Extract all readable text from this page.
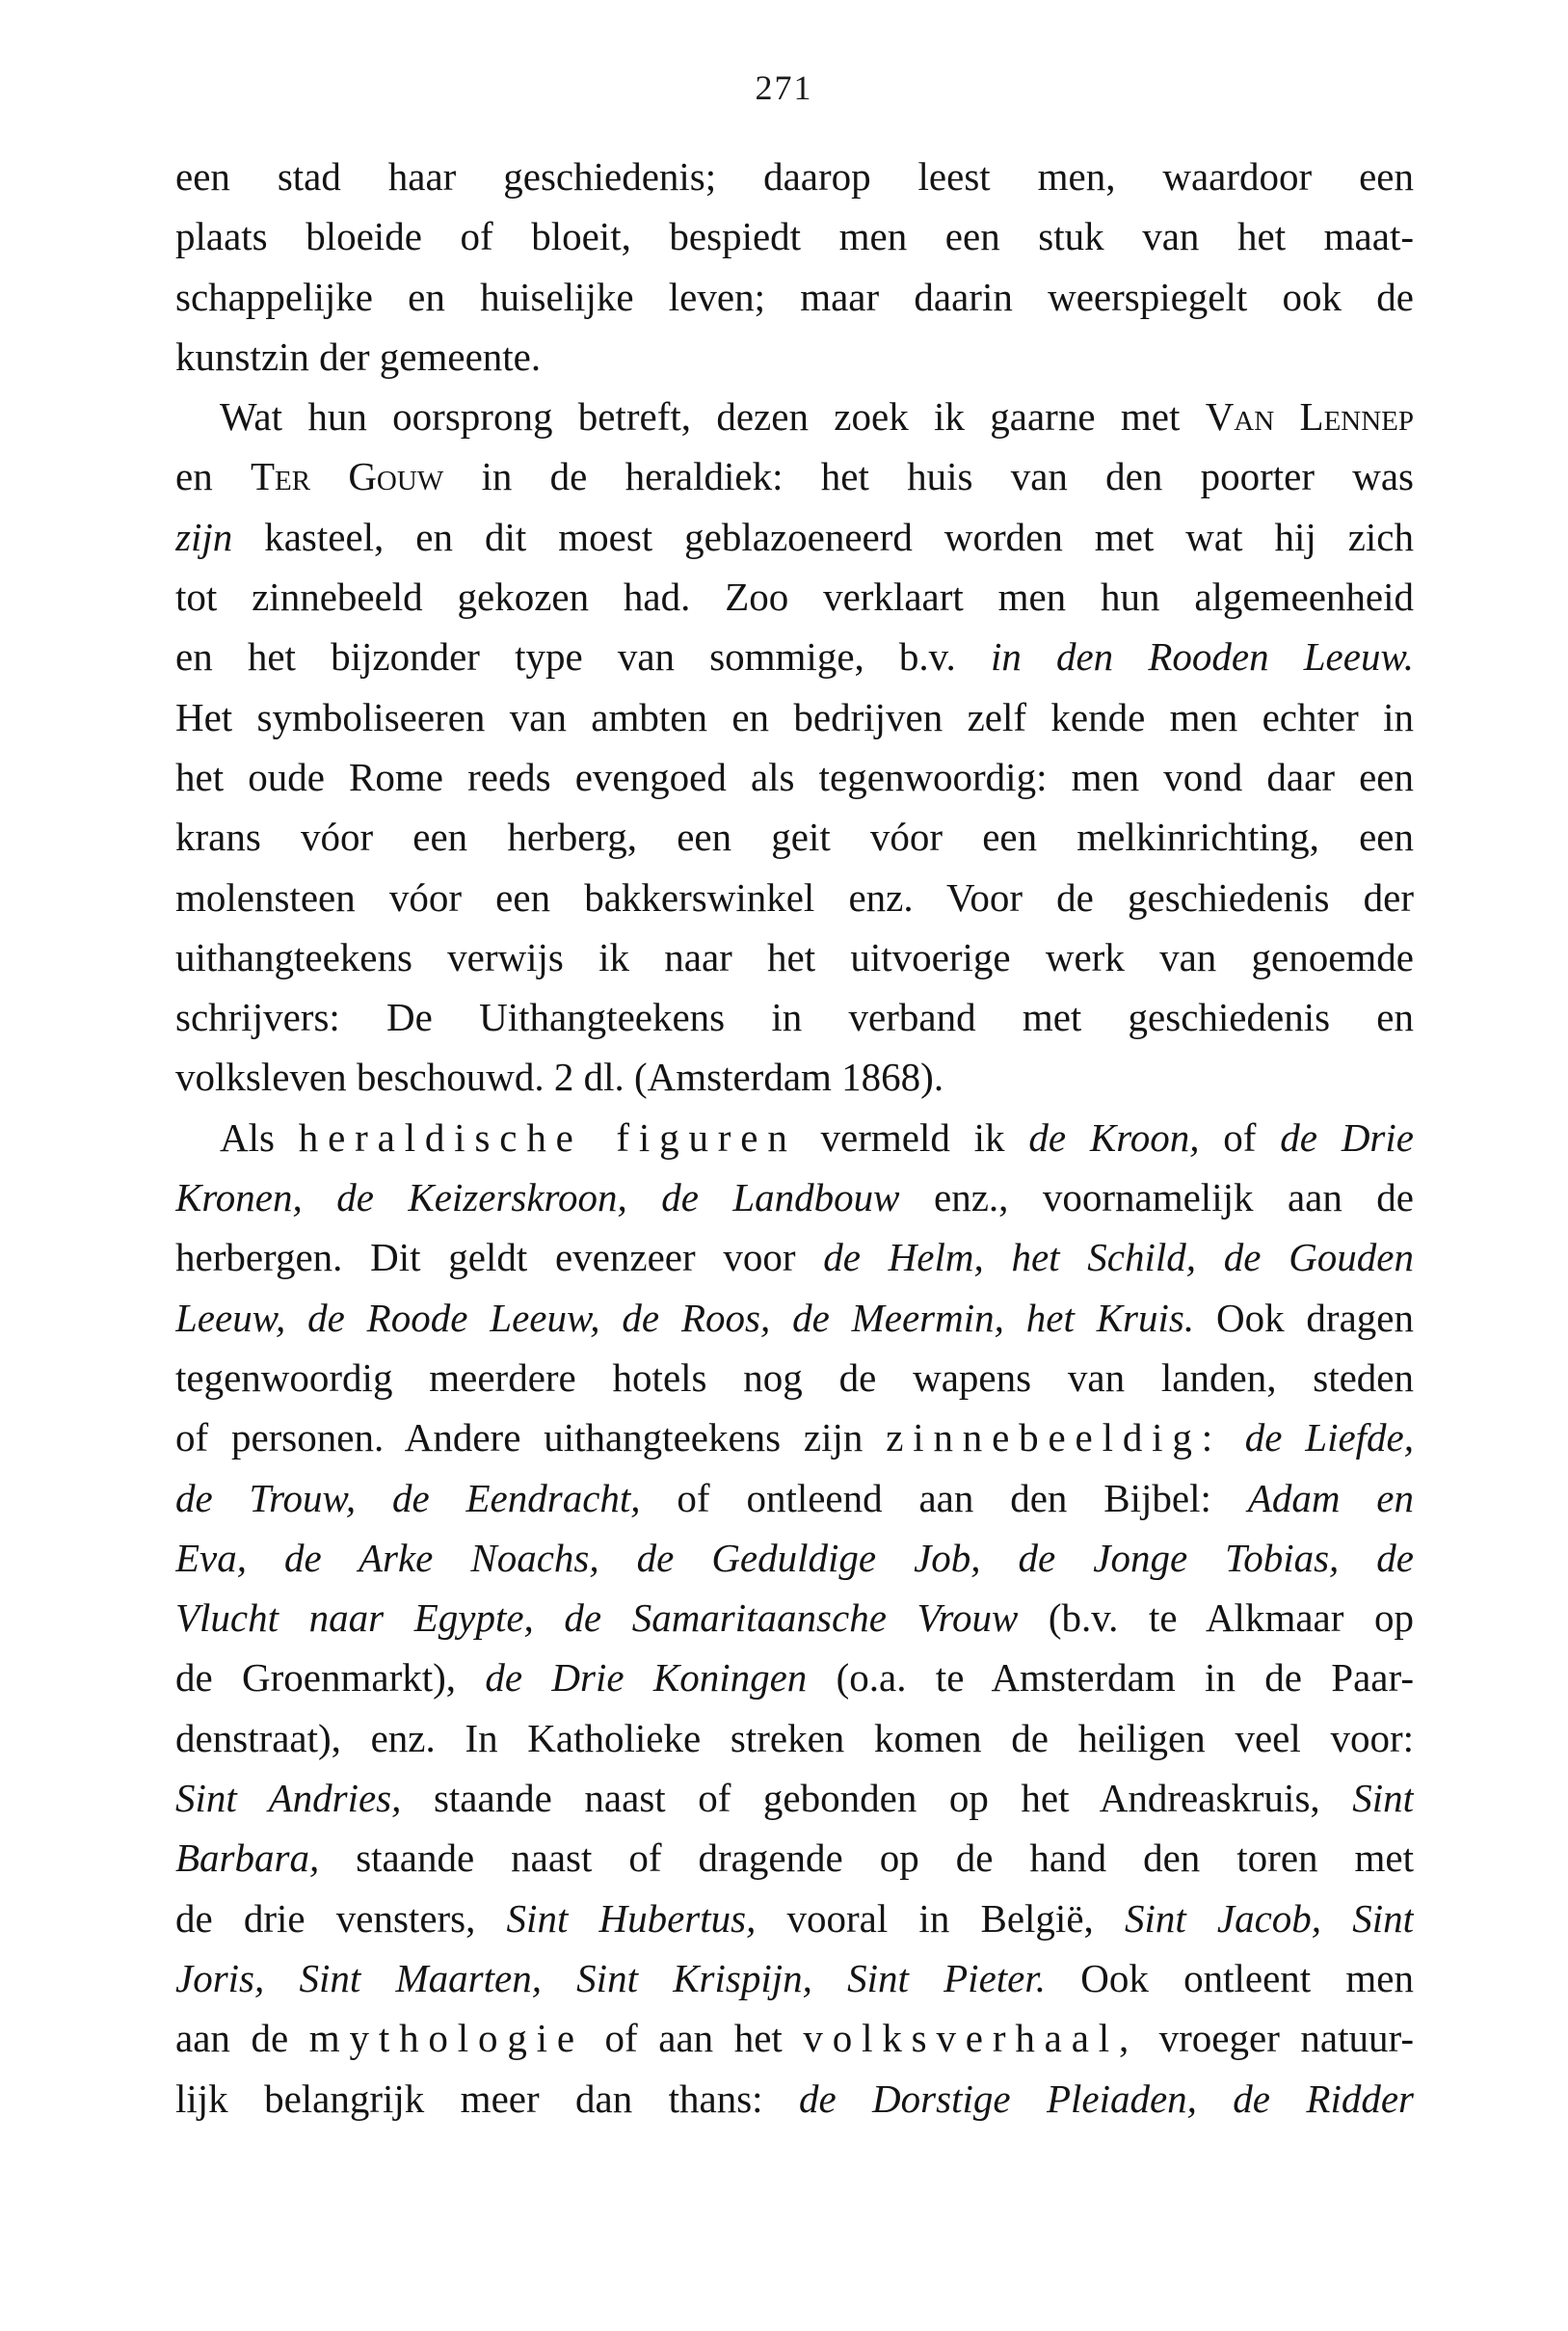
271
een stad haar geschiedenis; daarop leest men, waardoor een
plaats bloeide of bloeit, bespiedt men een stuk van het maat-
schappelijke en huiselijke leven; maar daarin weerspiegelt ook de
kunstzin der gemeente.
Wat hun oorsprong betreft, dezen zoek ik gaarne met Van Lennep
en Ter Gouw in de heraldiek: het huis van den poorter was
zijn kasteel, en dit moest geblazoeneerd worden met wat hij zich
tot zinnebeeld gekozen had. Zoo verklaart men hun algemeenheid
en het bijzonder type van sommige, b.v. in den Rooden Leeuw.
Het symboliseeren van ambten en bedrijven zelf kende men echter in
het oude Rome reeds evengoed als tegenwoordig: men vond daar een
krans vóor een herberg, een geit vóor een melkinrichting, een
molensteen vóor een bakkerswinkel enz. Voor de geschiedenis der
uithangteekens verwijs ik naar het uitvoerige werk van genoemde
schrijvers: De Uithangteekens in verband met geschiedenis en
volksleven beschouwd. 2 dl. (Amsterdam 1868).
Als heraldische figuren vermeld ik de Kroon, of de Drie
Kronen, de Keizerskroon, de Landbouw enz., voornamelijk aan de
herbergen. Dit geldt evenzeer voor de Helm, het Schild, de Gouden
Leeuw, de Roode Leeuw, de Roos, de Meermin, het Kruis. Ook dragen
tegenwoordig meerdere hotels nog de wapens van landen, steden
of personen. Andere uithangteekens zijn zinnebeeldig: de Liefde,
de Trouw, de Eendracht, of ontleend aan den Bijbel: Adam en
Eva, de Arke Noachs, de Geduldige Job, de Jonge Tobias, de
Vlucht naar Egypte, de Samaritaansche Vrouw (b.v. te Alkmaar op
de Groenmarkt), de Drie Koningen (o.a. te Amsterdam in de Paar-
denstraat), enz. In Katholieke streken komen de heiligen veel voor:
Sint Andries, staande naast of gebonden op het Andreaskruis, Sint
Barbara, staande naast of dragende op de hand den toren met
de drie vensters, Sint Hubertus, vooral in België, Sint Jacob, Sint
Joris, Sint Maarten, Sint Krispijn, Sint Pieter. Ook ontleent men
aan de mythologie of aan het volksverhaal, vroeger natuur-
lijk belangrijk meer dan thans: de Dorstige Pleiaden, de Ridder
